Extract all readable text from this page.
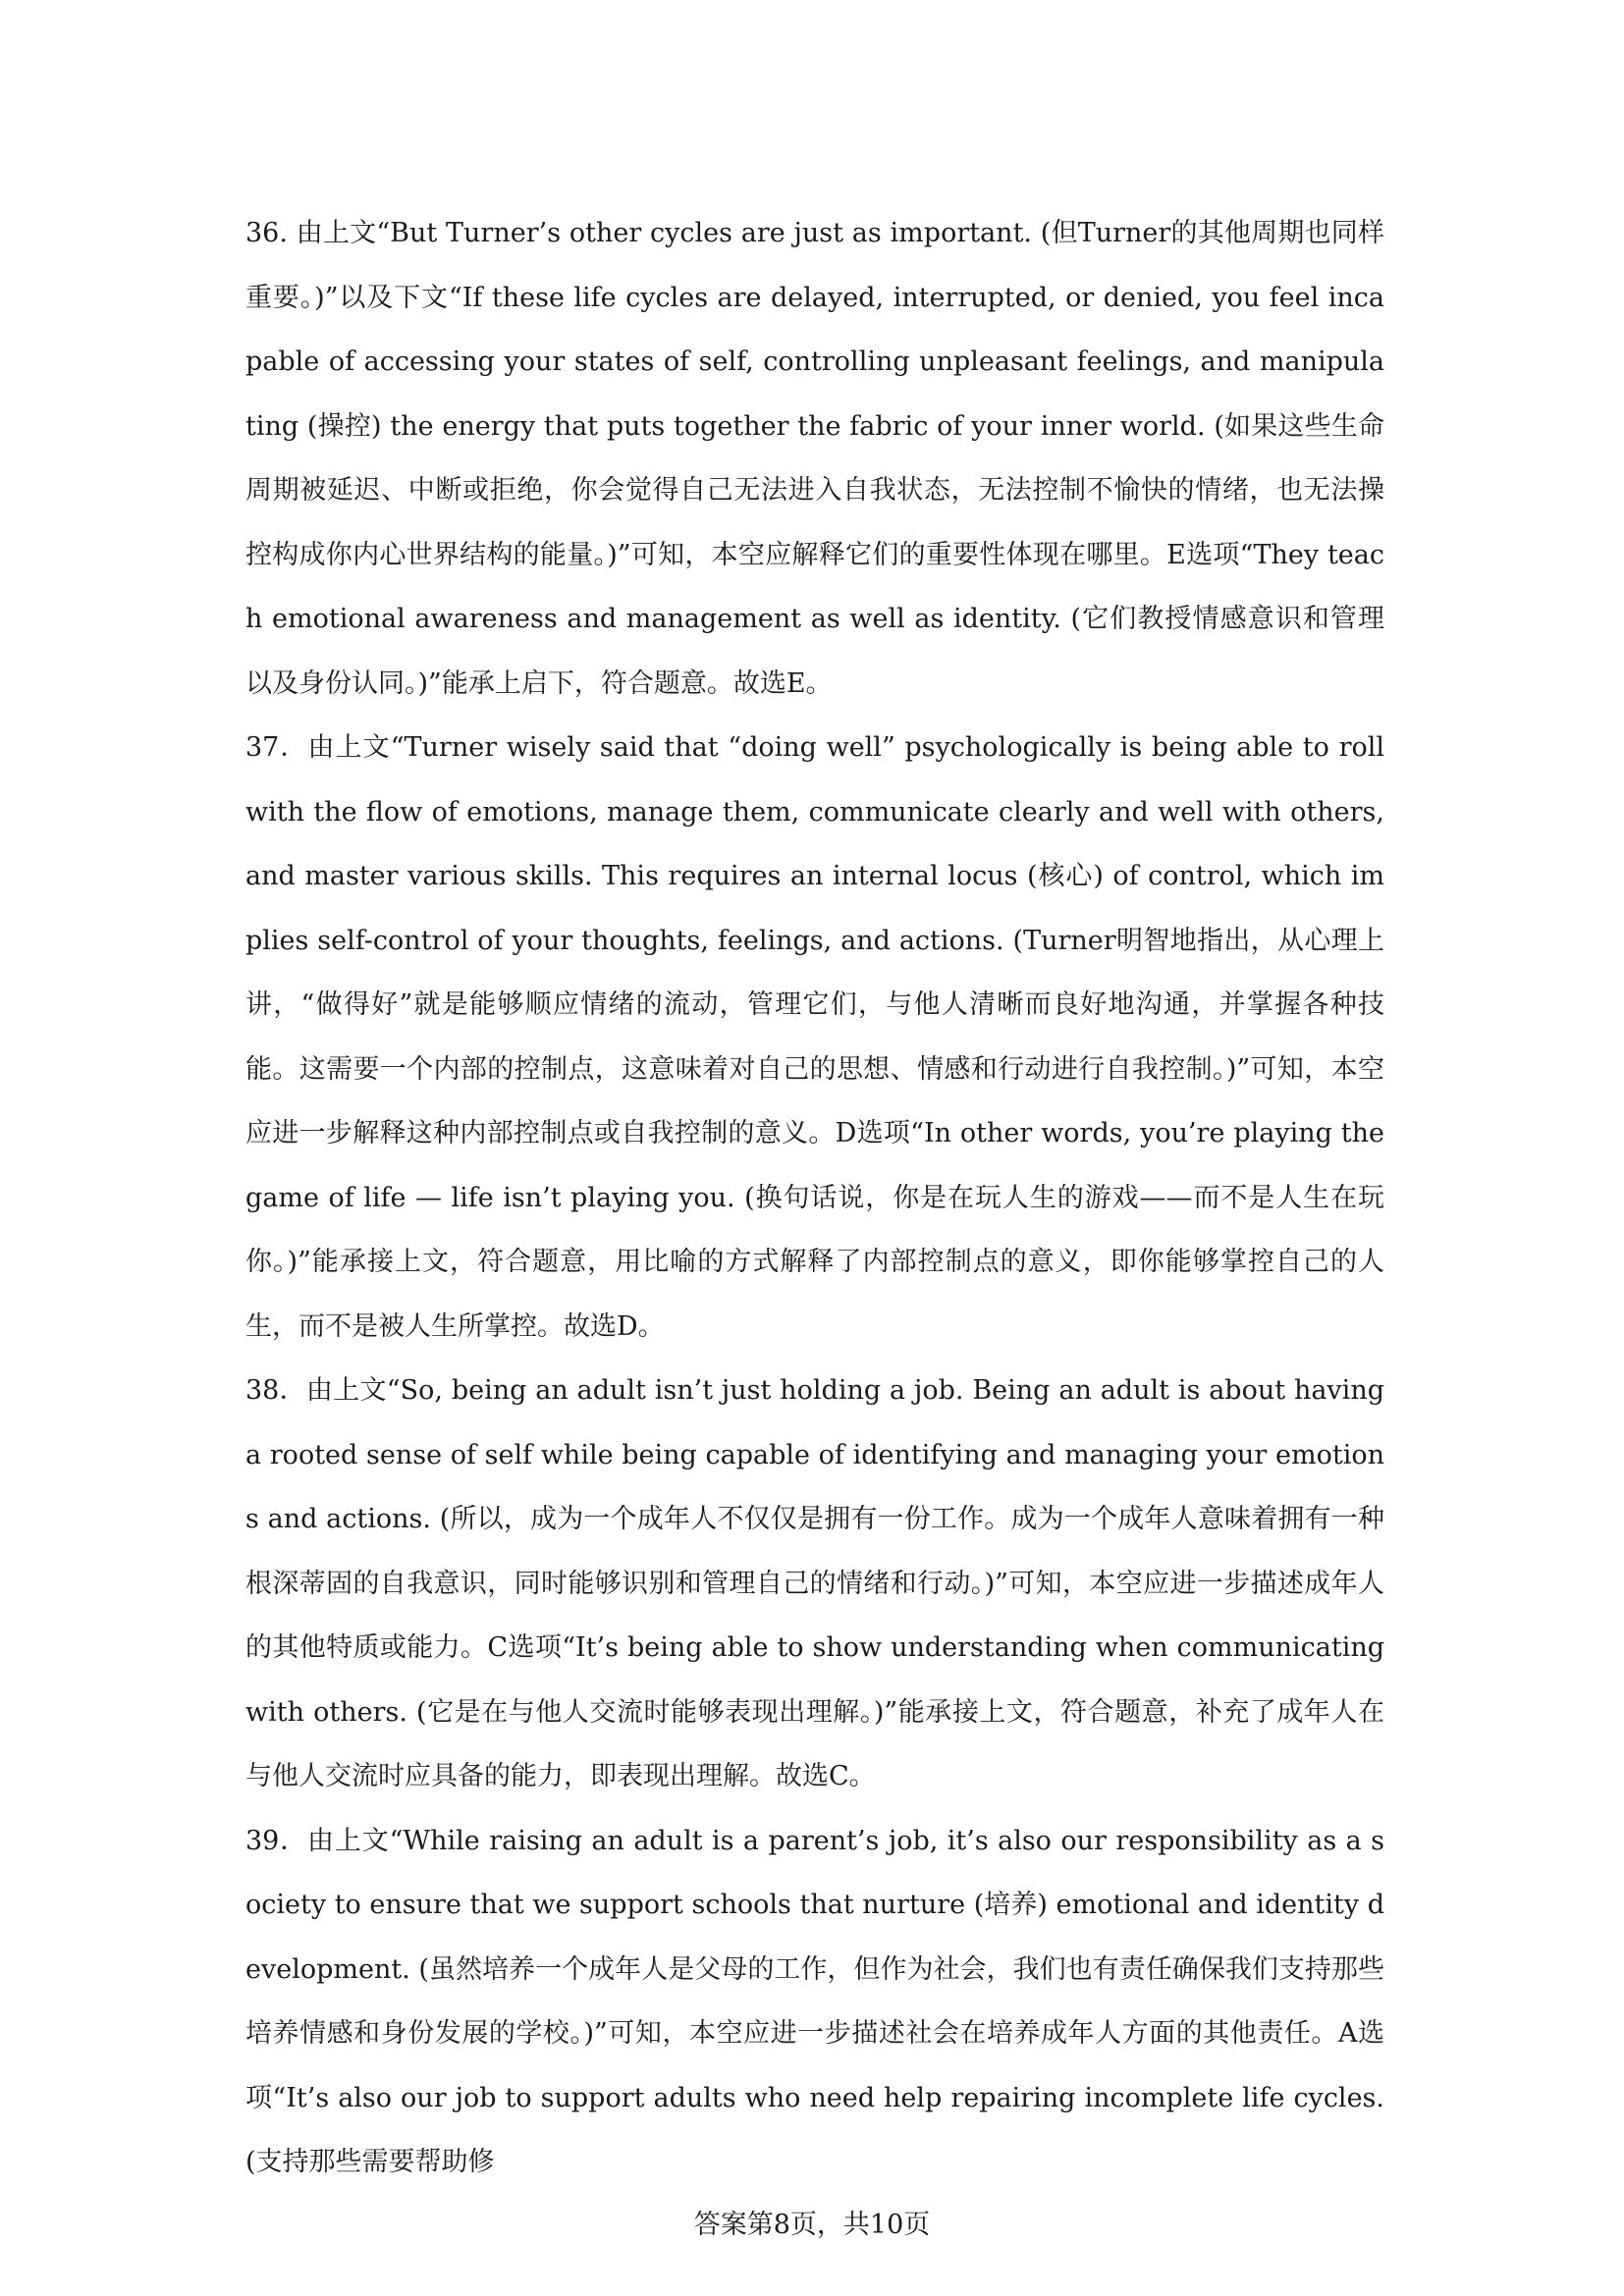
36. 由上文“But Turner’s other cycles are just as important. (但Turner的其他周期也同样重要。)”以及下文“If these life cycles are delayed, interrupted, or denied, you feel incapable of accessing your states of self, controlling unpleasant feelings, and manipulating (操控) the energy that puts together the fabric of your inner world. (如果这些生命周期被延迟、中断或拒绝，你会觉得自己无法进入自我状态，无法控制不愉快的情绪，也无法操控构成你内心世界结构的能量。)”可知，本空应解释它们的重要性体现在哪里。E选项“They teach emotional awareness and management as well as identity. (它们教授情感意识和管理以及身份认同。)”能承上启下，符合题意。故选E。

37．由上文“Turner wisely said that “doing well” psychologically is being able to roll with the flow of emotions, manage them, communicate clearly and well with others, and master various skills. This requires an internal locus (核心) of control, which implies self-control of your thoughts, feelings, and actions. (Turner明智地指出，从心理上讲，“做得好”就是能够顺应情绪的流动，管理它们，与他人清晰而良好地沟通，并掌握各种技能。这需要一个内部的控制点，这意味着对自己的思想、情感和行动进行自我控制。)”可知，本空应进一步解释这种内部控制点或自我控制的意义。D选项“In other words, you’re playing the game of life — life isn’t playing you. (换句话说，你是在玩人生的游戏——而不是人生在玩你。)”能承接上文，符合题意，用比喻的方式解释了内部控制点的意义，即你能够掌控自己的人生，而不是被人生所掌控。故选D。

38．由上文“So, being an adult isn’t just holding a job. Being an adult is about having a rooted sense of self while being capable of identifying and managing your emotions and actions. (所以，成为一个成年人不仅仅是拥有一份工作。成为一个成年人意味着拥有一种根深蒂固的自我意识，同时能够识别和管理自己的情绪和行动。)”可知，本空应进一步描述成年人的其他特质或能力。C选项“It’s being able to show understanding when communicating with others. (它是在与他人交流时能够表现出理解。)”能承接上文，符合题意，补充了成年人在与他人交流时应具备的能力，即表现出理解。故选C。

39．由上文“While raising an adult is a parent’s job, it’s also our responsibility as a society to ensure that we support schools that nurture (培养) emotional and identity development. (虽然培养一个成年人是父母的工作，但作为社会，我们也有责任确保我们支持那些培养情感和身份发展的学校。)”可知，本空应进一步描述社会在培养成年人方面的其他责任。A选项“It’s also our job to support adults who need help repairing incomplete life cycles. (支持那些需要帮助修

答案第8页，共10页
